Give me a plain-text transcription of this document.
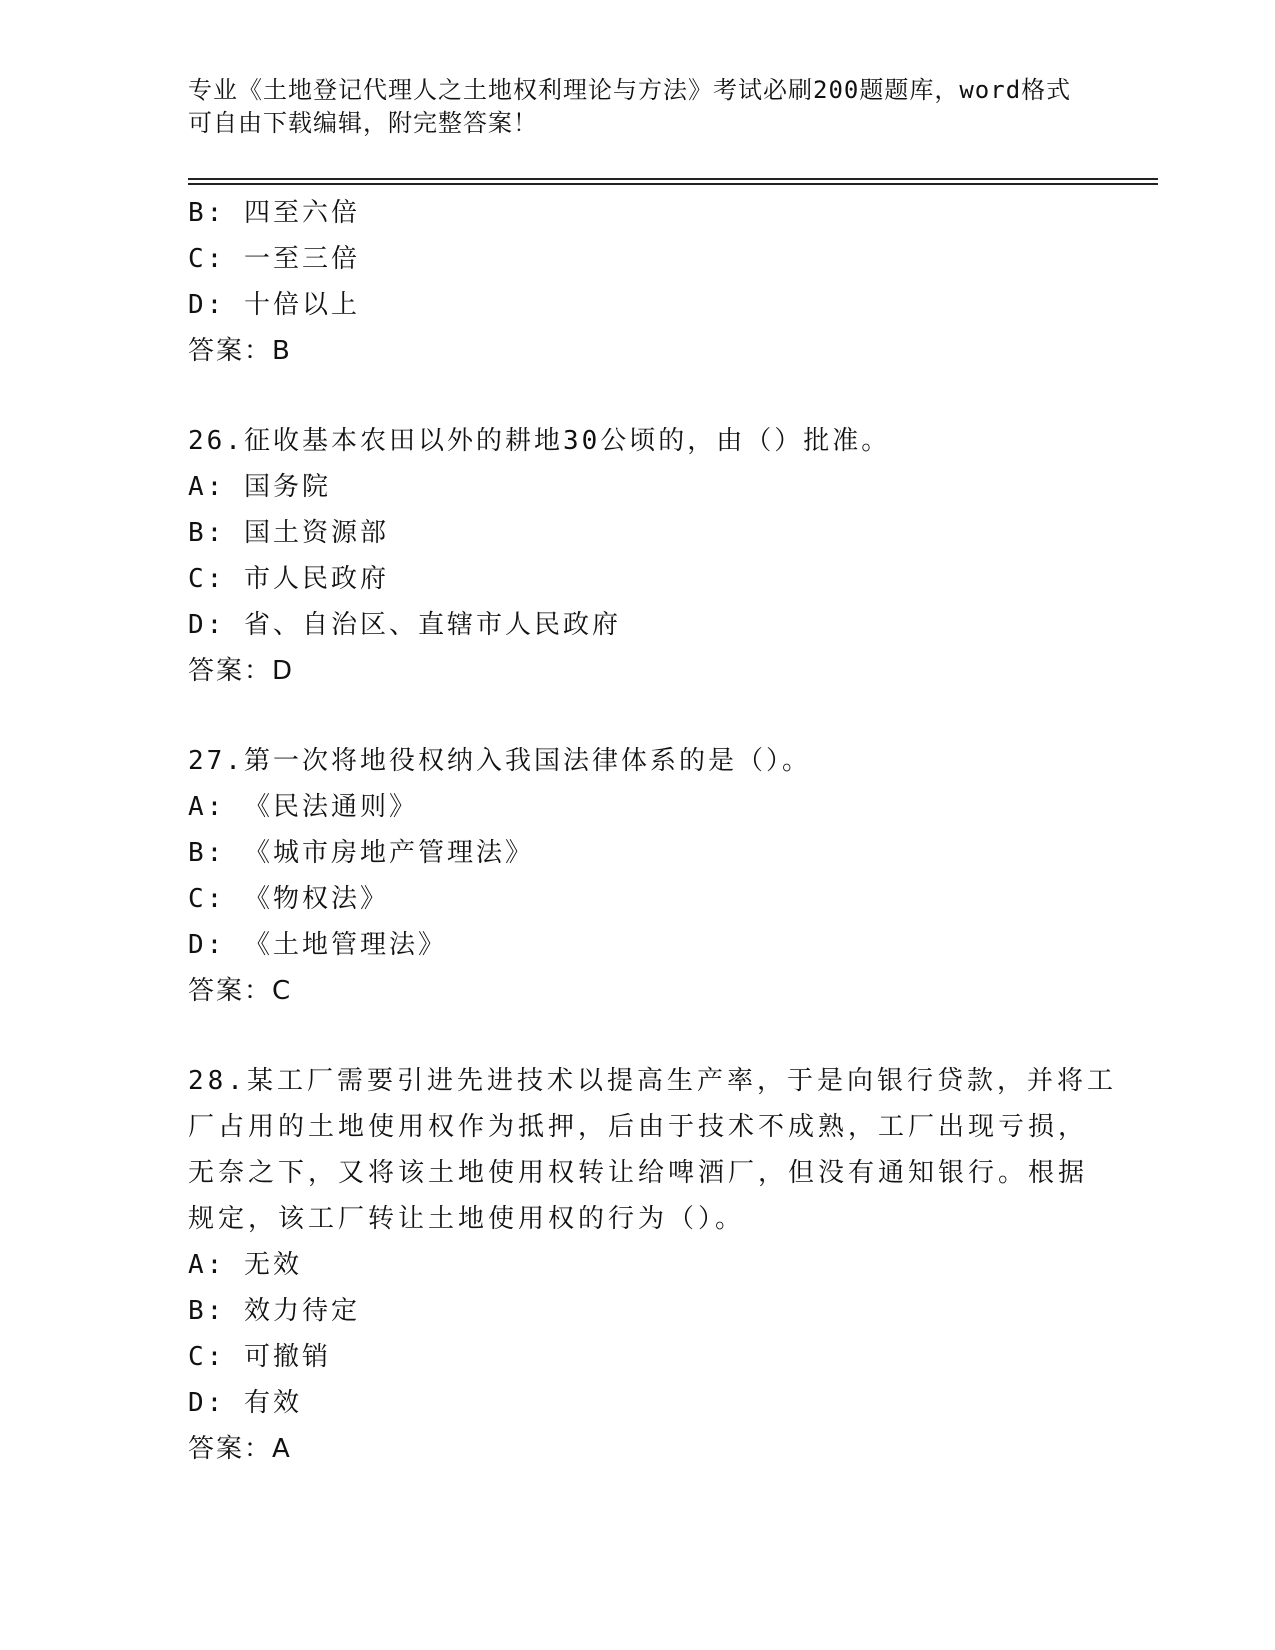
专业《土地登记代理人之土地权利理论与方法》考试必刷200题题库，word格式
可自由下载编辑，附完整答案！
B: 四至六倍
C: 一至三倍
D: 十倍以上
答案：B
26.征收基本农田以外的耕地30公顷的，由（）批准。
A: 国务院
B: 国土资源部
C: 市人民政府
D: 省、自治区、直辖市人民政府
答案：D
27.第一次将地役权纳入我国法律体系的是（）。
A: 《民法通则》
B: 《城市房地产管理法》
C: 《物权法》
D: 《土地管理法》
答案：C
28.某工厂需要引进先进技术以提高生产率，于是向银行贷款，并将工
厂占用的土地使用权作为抵押，后由于技术不成熟，工厂出现亏损，
无奈之下，又将该土地使用权转让给啤酒厂，但没有通知银行。根据
规定，该工厂转让土地使用权的行为（）。
A: 无效
B: 效力待定
C: 可撤销
D: 有效
答案：A
